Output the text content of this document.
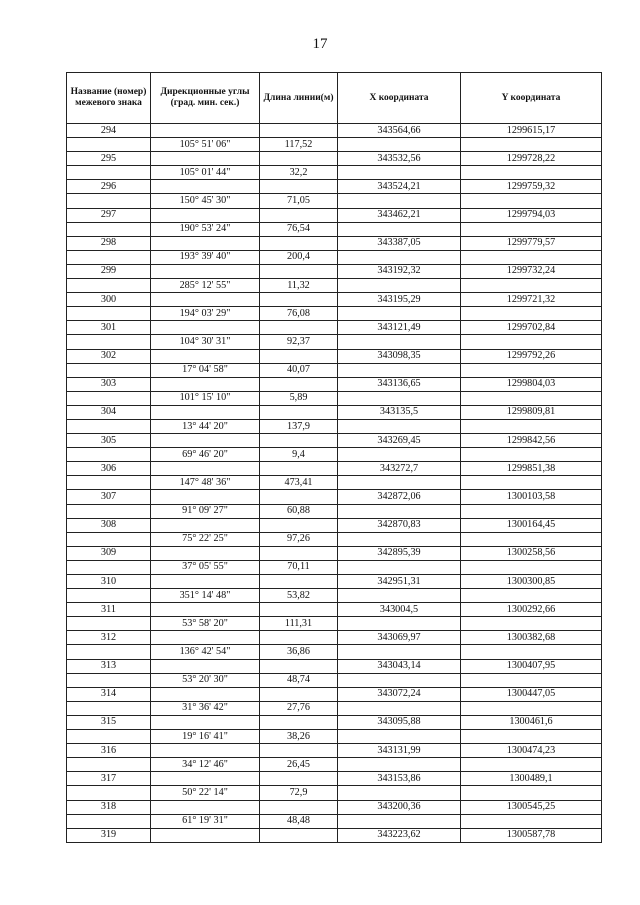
17
Название (номер) межевого знака	Дирекционные углы (град. мин. сек.)	Длина линии(м)	X координата	Y координата
294			343564,66	1299615,17
	105° 51' 06"	117,52		
295			343532,56	1299728,22
	105° 01' 44"	32,2		
296			343524,21	1299759,32
	150° 45' 30"	71,05		
297			343462,21	1299794,03
	190° 53' 24"	76,54		
298			343387,05	1299779,57
	193° 39' 40"	200,4		
299			343192,32	1299732,24
	285° 12' 55"	11,32		
300			343195,29	1299721,32
	194° 03' 29"	76,08		
301			343121,49	1299702,84
	104° 30' 31"	92,37		
302			343098,35	1299792,26
	17° 04' 58"	40,07		
303			343136,65	1299804,03
	101° 15' 10"	5,89		
304			343135,5	1299809,81
	13° 44' 20"	137,9		
305			343269,45	1299842,56
	69° 46' 20"	9,4		
306			343272,7	1299851,38
	147° 48' 36"	473,41		
307			342872,06	1300103,58
	91° 09' 27"	60,88		
308			342870,83	1300164,45
	75° 22' 25"	97,26		
309			342895,39	1300258,56
	37° 05' 55"	70,11		
310			342951,31	1300300,85
	351° 14' 48"	53,82		
311			343004,5	1300292,66
	53° 58' 20"	111,31		
312			343069,97	1300382,68
	136° 42' 54"	36,86		
313			343043,14	1300407,95
	53° 20' 30"	48,74		
314			343072,24	1300447,05
	31° 36' 42"	27,76		
315			343095,88	1300461,6
	19° 16' 41"	38,26		
316			343131,99	1300474,23
	34° 12' 46"	26,45		
317			343153,86	1300489,1
	50° 22' 14"	72,9		
318			343200,36	1300545,25
	61° 19' 31"	48,48		
319			343223,62	1300587,78
